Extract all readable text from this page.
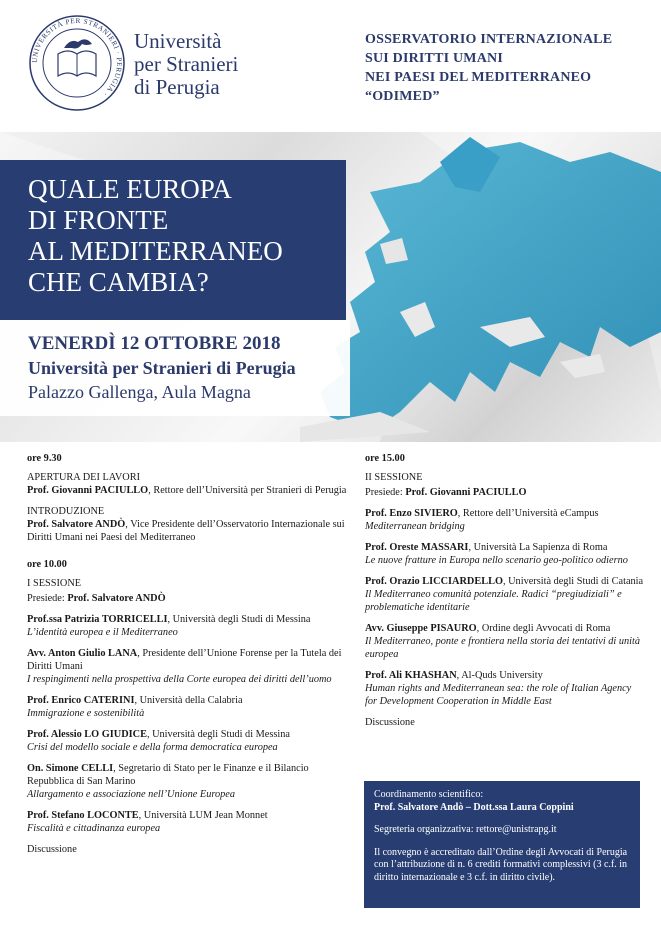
UNIVERSITÀ PER STRANIERI · PERUGIA ·
Università
per Stranieri
di Perugia
OSSERVATORIO INTERNAZIONALE
SUI DIRITTI UMANI
NEI PAESI DEL MEDITERRANEO
“ODIMED”
QUALE EUROPA
DI FRONTE
AL MEDITERRANEO
CHE CAMBIA?
VENERDÌ 12 OTTOBRE 2018
Università per Stranieri di Perugia
Palazzo Gallenga, Aula Magna
ore 9.30
APERTURA DEI LAVORI
Prof. Giovanni PACIULLO, Rettore dell’Università per Stranieri di Perugia
INTRODUZIONE
Prof. Salvatore ANDÒ, Vice Presidente dell’Osservatorio Internazionale sui Diritti Umani nei Paesi del Mediterraneo
ore 10.00
I SESSIONE
Presiede: Prof. Salvatore ANDÒ
Prof.ssa Patrizia TORRICELLI, Università degli Studi di Messina
L’identità europea e il Mediterraneo
Avv. Anton Giulio LANA, Presidente dell’Unione Forense per la Tutela dei Diritti Umani
I respingimenti nella prospettiva della Corte europea dei diritti dell’uomo
Prof. Enrico CATERINI, Università della Calabria
Immigrazione e sostenibilità
Prof. Alessio LO GIUDICE, Università degli Studi di Messina
Crisi del modello sociale e della forma democratica europea
On. Simone CELLI, Segretario di Stato per le Finanze e il Bilancio Repubblica di San Marino
Allargamento e associazione nell’Unione Europea
Prof. Stefano LOCONTE, Università LUM Jean Monnet
Fiscalità e cittadinanza europea
Discussione
ore 15.00
II SESSIONE
Presiede: Prof. Giovanni PACIULLO
Prof. Enzo SIVIERO, Rettore dell’Università eCampus
Mediterranean bridging
Prof. Oreste MASSARI, Università La Sapienza di Roma
Le nuove fratture in Europa nello scenario geo-politico odierno
Prof. Orazio LICCIARDELLO, Università degli Studi di Catania
Il Mediterraneo comunità potenziale. Radici “pregiudiziali” e problematiche identitarie
Avv. Giuseppe PISAURO, Ordine degli Avvocati di Roma
Il Mediterraneo, ponte e frontiera nella storia dei tentativi di unità europea
Prof. Ali KHASHAN, Al-Quds University
Human rights and Mediterranean sea: the role of Italian Agency for Development Cooperation in Middle East
Discussione
Coordinamento scientifico:
Prof. Salvatore Andò – Dott.ssa Laura Coppini
Segreteria organizzativa: rettore@unistrapg.it
Il convegno è accreditato dall’Ordine degli Avvocati di Perugia con l’attribuzione di n. 6 crediti formativi complessivi (3 c.f. in diritto internazionale e 3 c.f. in diritto civile).
